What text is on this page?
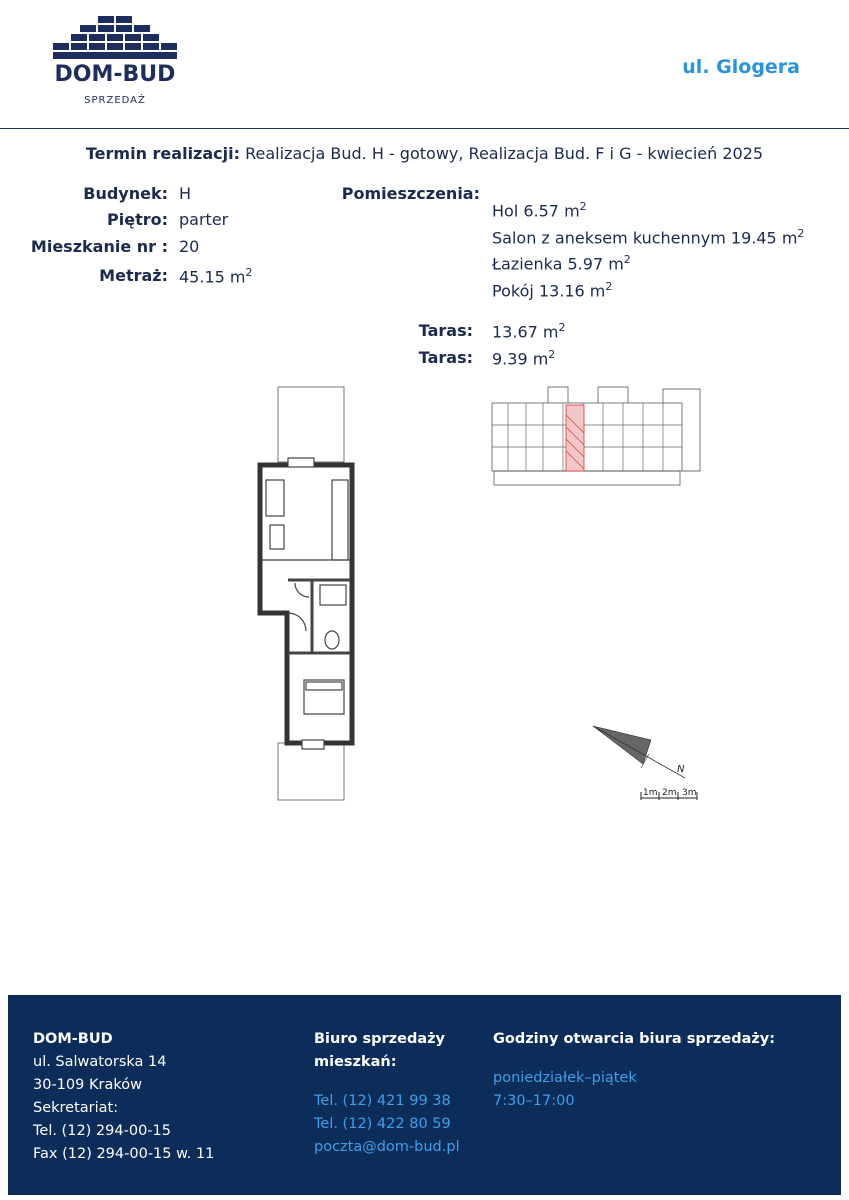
DOM-BUD
SPRZEDAŻ
ul. Glogera
Termin realizacji: Realizacja Bud. H - gotowy, Realizacja Bud. F i G - kwiecień 2025
Budynek: H
Piętro: parter
Mieszkanie nr : 20
Metraż: 45.15 $m^2$
Pomieszczenia:
Hol 6.57 $m^2$
Salon z aneksem kuchennym 19.45 $m^2$
Łazienka 5.97 $m^2$
Pokój 13.16 $m^2$
Taras: 13.67 $m^2$
Taras: 9.39 $m^2$
N
1m 2m 3m
DOM-BUD
ul. Salwatorska 14
30-109 Kraków
Sekretariat:
Tel. (12) 294-00-15
Fax (12) 294-00-15 w. 11
Biuro sprzedaży
mieszkań:
Tel. (12) 421 99 38
Tel. (12) 422 80 59
poczta@dom-bud.pl
Godziny otwarcia biura sprzedaży:
poniedziałek–piątek
7:30–17:00
